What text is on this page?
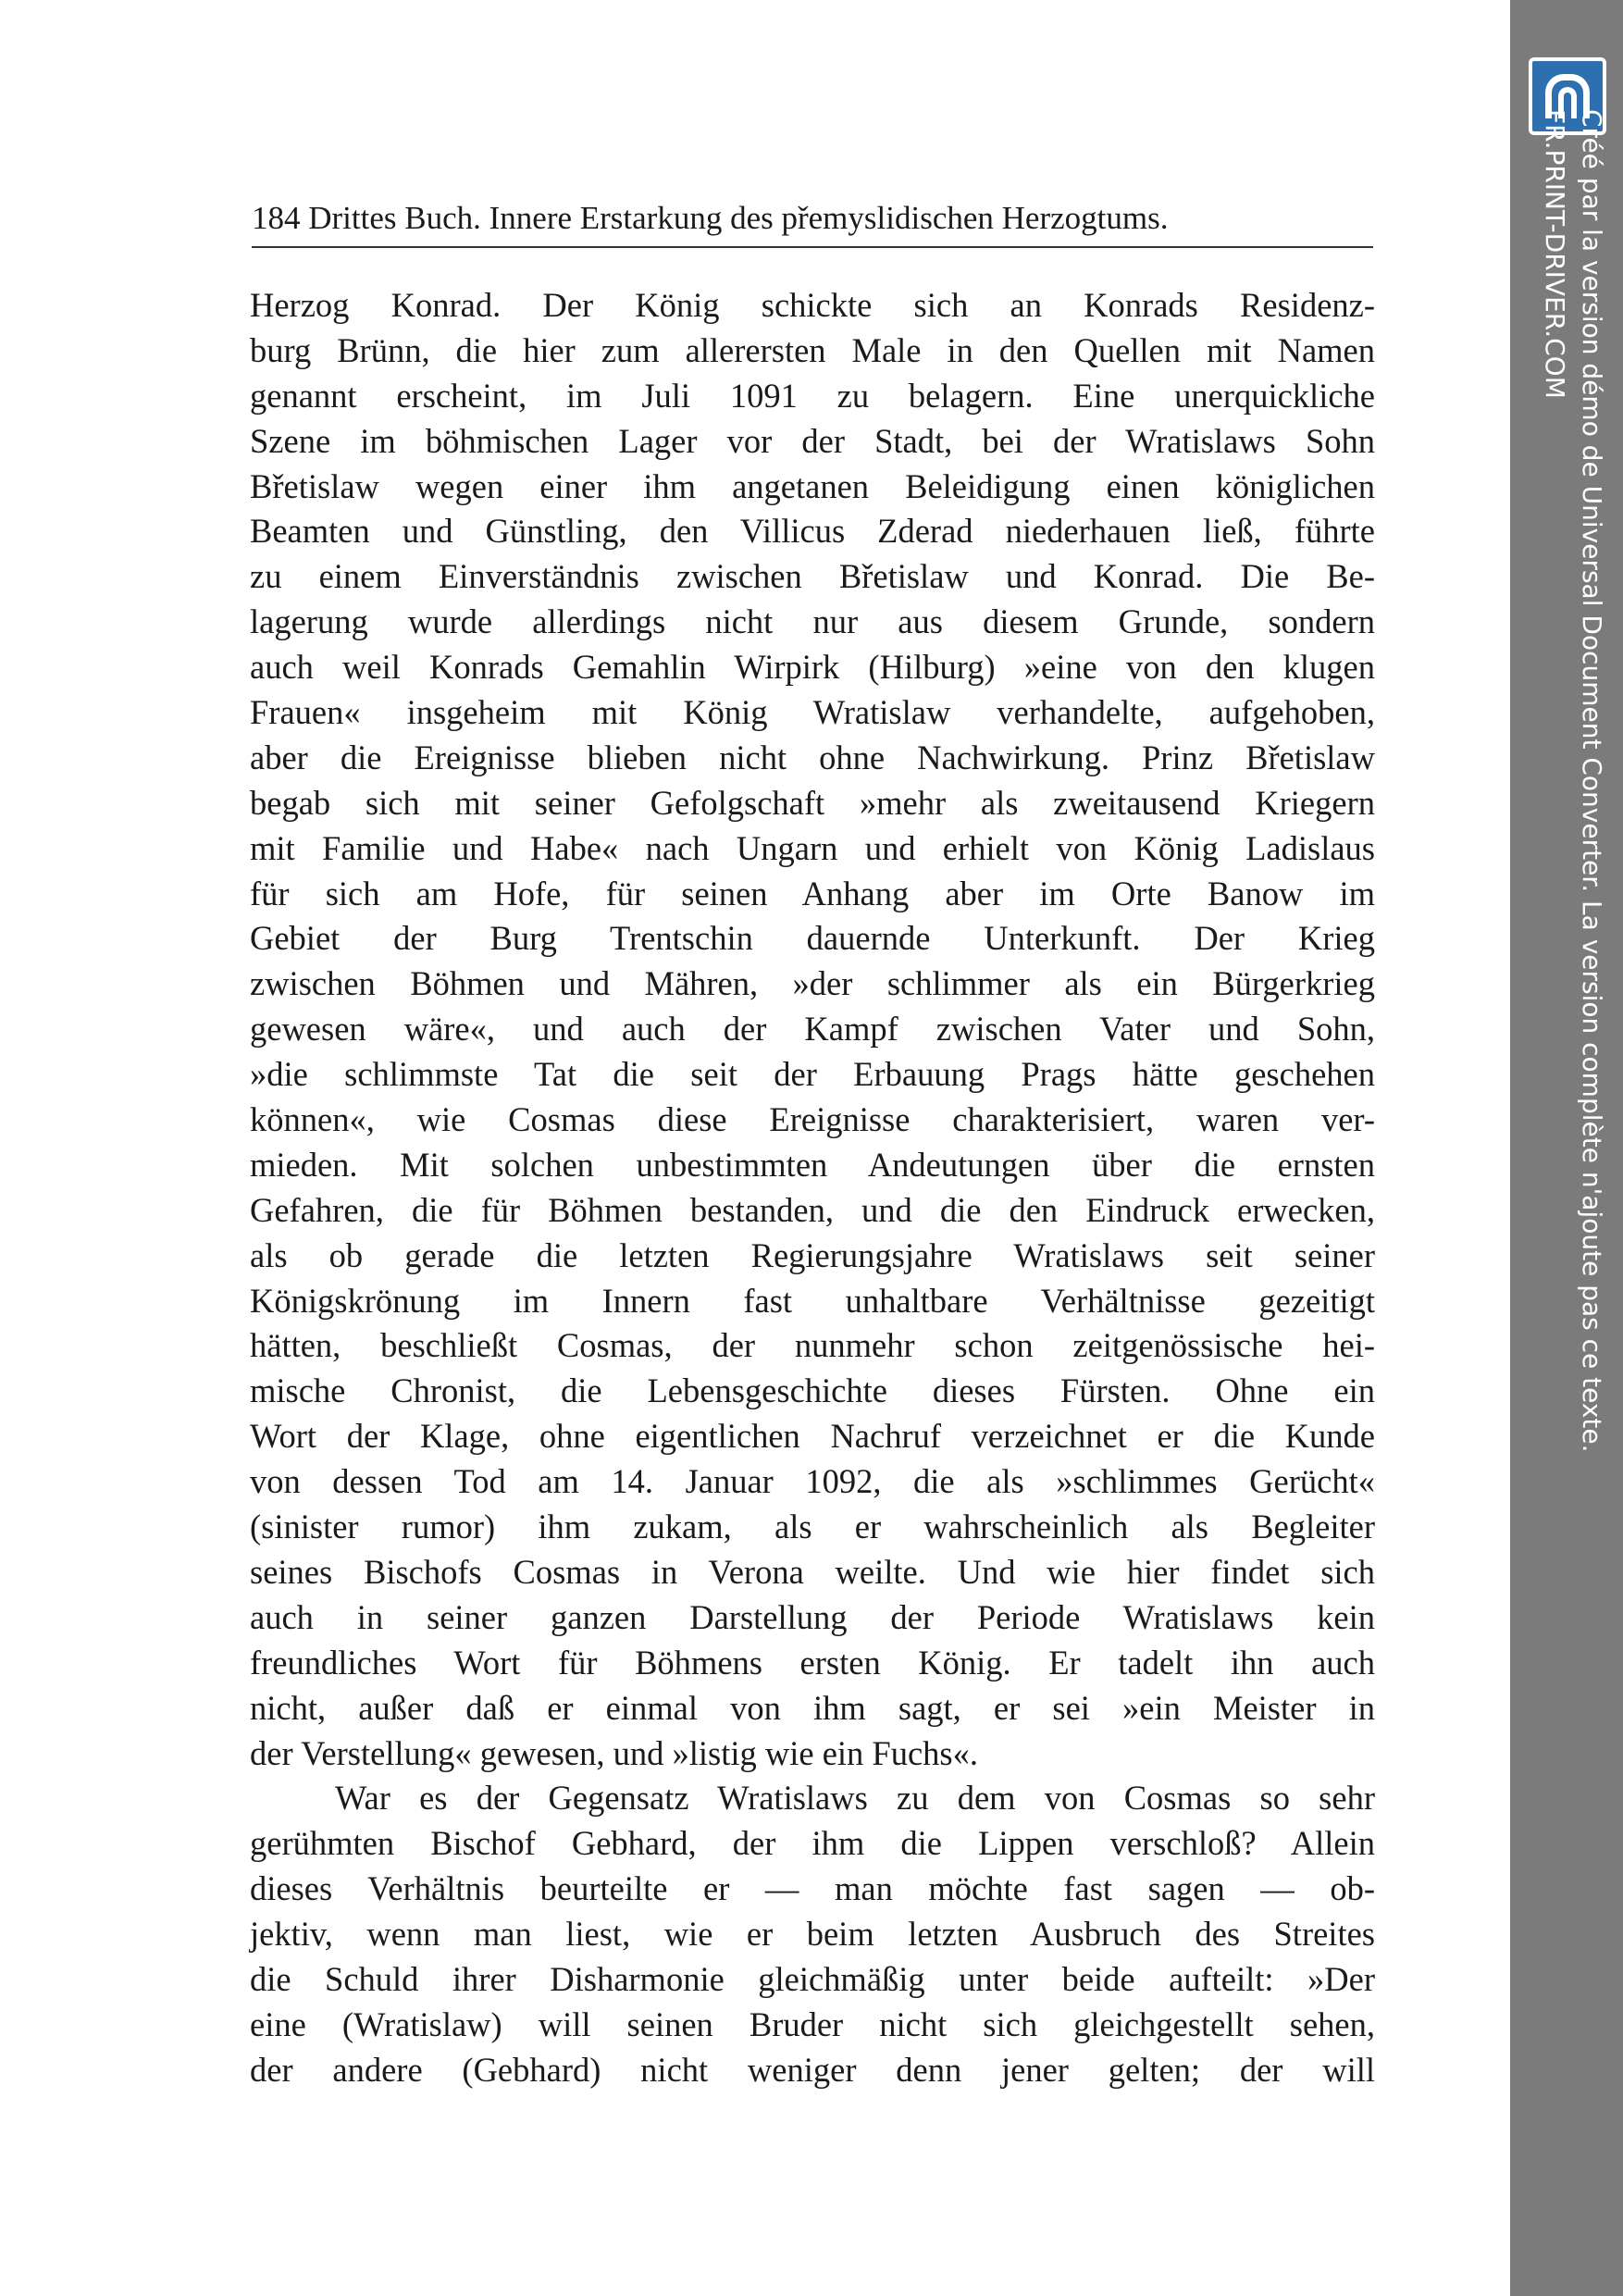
184 Drittes Buch. Innere Erstarkung des přemyslidischen Herzogtums.
Herzog Konrad. Der König schickte sich an Konrads Residenz-
burg Brünn, die hier zum allerersten Male in den Quellen mit Namen
genannt erscheint, im Juli 1091 zu belagern. Eine unerquickliche
Szene im böhmischen Lager vor der Stadt, bei der Wratislaws Sohn
Břetislaw wegen einer ihm angetanen Beleidigung einen königlichen
Beamten und Günstling, den Villicus Zderad niederhauen ließ, führte
zu einem Einverständnis zwischen Břetislaw und Konrad. Die Be-
lagerung wurde allerdings nicht nur aus diesem Grunde, sondern
auch weil Konrads Gemahlin Wirpirk (Hilburg) »eine von den klugen
Frauen« insgeheim mit König Wratislaw verhandelte, aufgehoben,
aber die Ereignisse blieben nicht ohne Nachwirkung. Prinz Břetislaw
begab sich mit seiner Gefolgschaft »mehr als zweitausend Kriegern
mit Familie und Habe« nach Ungarn und erhielt von König Ladislaus
für sich am Hofe, für seinen Anhang aber im Orte Banow im
Gebiet der Burg Trentschin dauernde Unterkunft. Der Krieg
zwischen Böhmen und Mähren, »der schlimmer als ein Bürgerkrieg
gewesen wäre«, und auch der Kampf zwischen Vater und Sohn,
»die schlimmste Tat die seit der Erbauung Prags hätte geschehen
können«, wie Cosmas diese Ereignisse charakterisiert, waren ver-
mieden. Mit solchen unbestimmten Andeutungen über die ernsten
Gefahren, die für Böhmen bestanden, und die den Eindruck erwecken,
als ob gerade die letzten Regierungsjahre Wratislaws seit seiner
Königskrönung im Innern fast unhaltbare Verhältnisse gezeitigt
hätten, beschließt Cosmas, der nunmehr schon zeitgenössische hei-
mische Chronist, die Lebensgeschichte dieses Fürsten. Ohne ein
Wort der Klage, ohne eigentlichen Nachruf verzeichnet er die Kunde
von dessen Tod am 14. Januar 1092, die als »schlimmes Gerücht«
(sinister rumor) ihm zukam, als er wahrscheinlich als Begleiter
seines Bischofs Cosmas in Verona weilte. Und wie hier findet sich
auch in seiner ganzen Darstellung der Periode Wratislaws kein
freundliches Wort für Böhmens ersten König. Er tadelt ihn auch
nicht, außer daß er einmal von ihm sagt, er sei »ein Meister in
der Verstellung« gewesen, und »listig wie ein Fuchs«.
War es der Gegensatz Wratislaws zu dem von Cosmas so sehr
gerühmten Bischof Gebhard, der ihm die Lippen verschloß? Allein
dieses Verhältnis beurteilte er — man möchte fast sagen — ob-
jektiv, wenn man liest, wie er beim letzten Ausbruch des Streites
die Schuld ihrer Disharmonie gleichmäßig unter beide aufteilt: »Der
eine (Wratislaw) will seinen Bruder nicht sich gleichgestellt sehen,
der andere (Gebhard) nicht weniger denn jener gelten; der will
Créé par la version démo de Universal Document Converter. La version complète n'ajoute pas ce texte.
FR.PRINT-DRIVER.COM
